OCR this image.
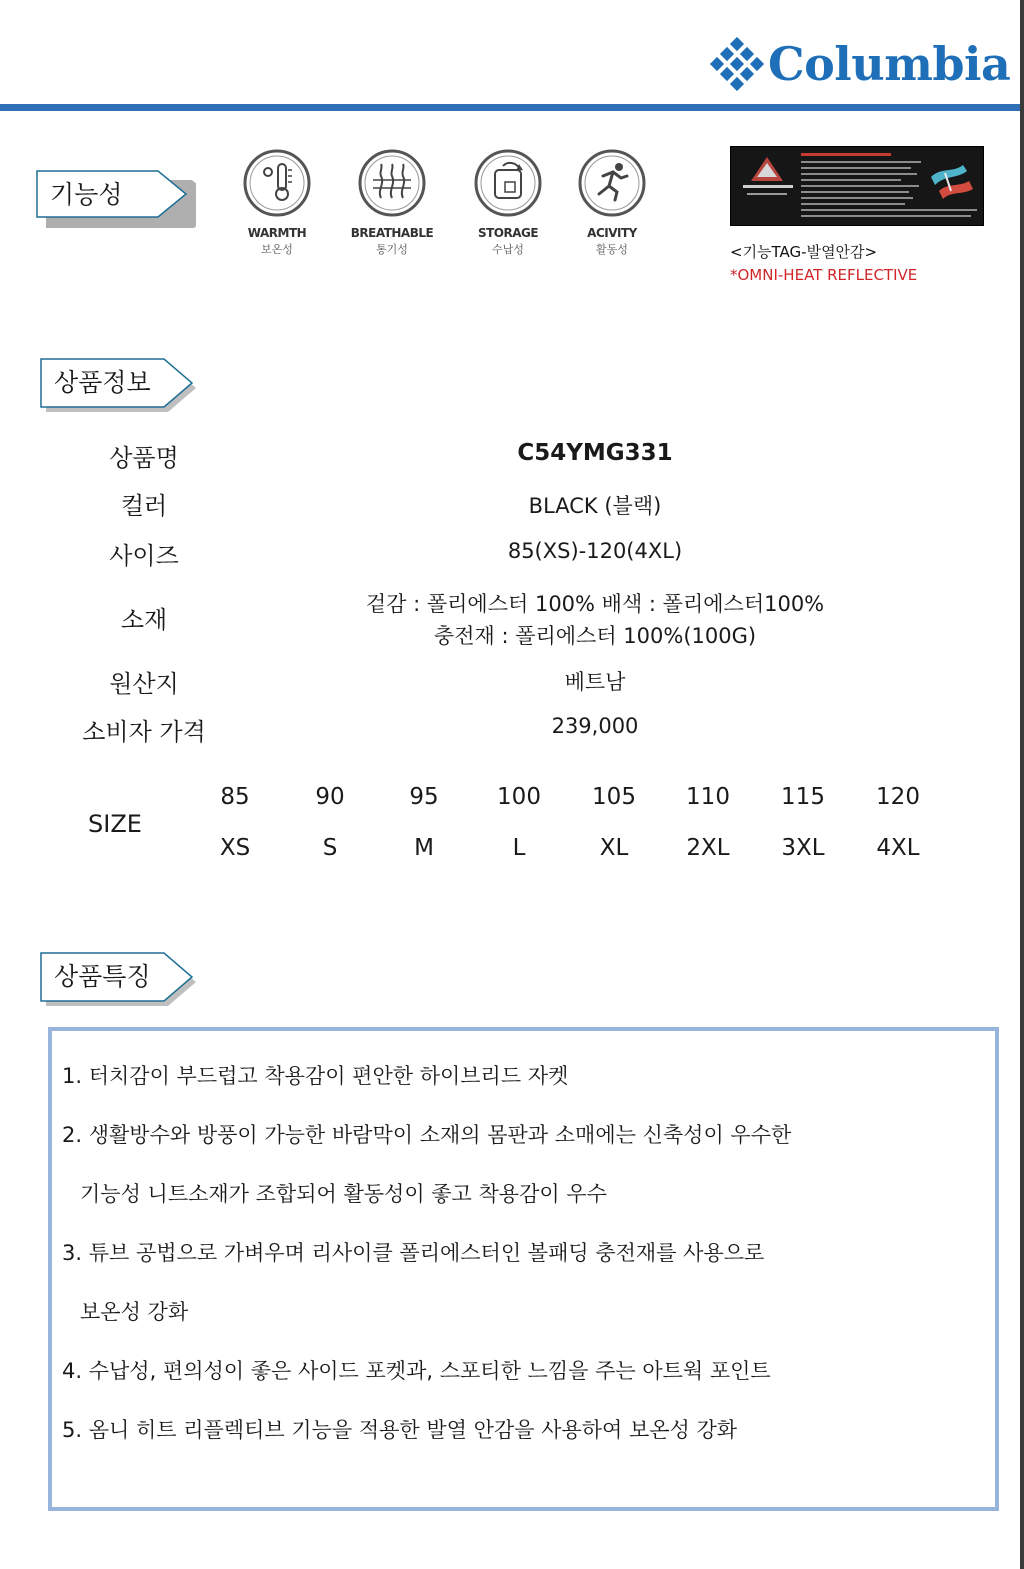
Columbia
기능성
WARMTH
보온성
BREATHABLE
통기성
STORAGE
수납성
ACIVITY
활동성	<기능TAG-발열안감>
*OMNI-HEAT REFLECTIVE
상품정보
상품명	C54YMG331
컬러	BLACK (블랙)
사이즈	85(XS)-120(4XL)
소재
겉감 : 폴리에스터 100% 배색 : 폴리에스터100%
충전재 : 폴리에스터 100%(100G)
원산지	베트남
소비자 가격	239,000
SIZE
85	90	95	100	105	110	115	120
XS	S	M	L	XL	2XL	3XL	4XL
상품특징
1. 터치감이 부드럽고 착용감이 편안한 하이브리드 자켓
2. 생활방수와 방풍이 가능한 바람막이 소재의 몸판과 소매에는 신축성이 우수한
기능성 니트소재가 조합되어 활동성이 좋고 착용감이 우수
3. 튜브 공법으로 가벼우며 리사이클 폴리에스터인 볼패딩 충전재를 사용으로
보온성 강화
4. 수납성, 편의성이 좋은 사이드 포켓과, 스포티한 느낌을 주는 아트웍 포인트
5. 옴니 히트 리플렉티브 기능을 적용한 발열 안감을 사용하여 보온성 강화
